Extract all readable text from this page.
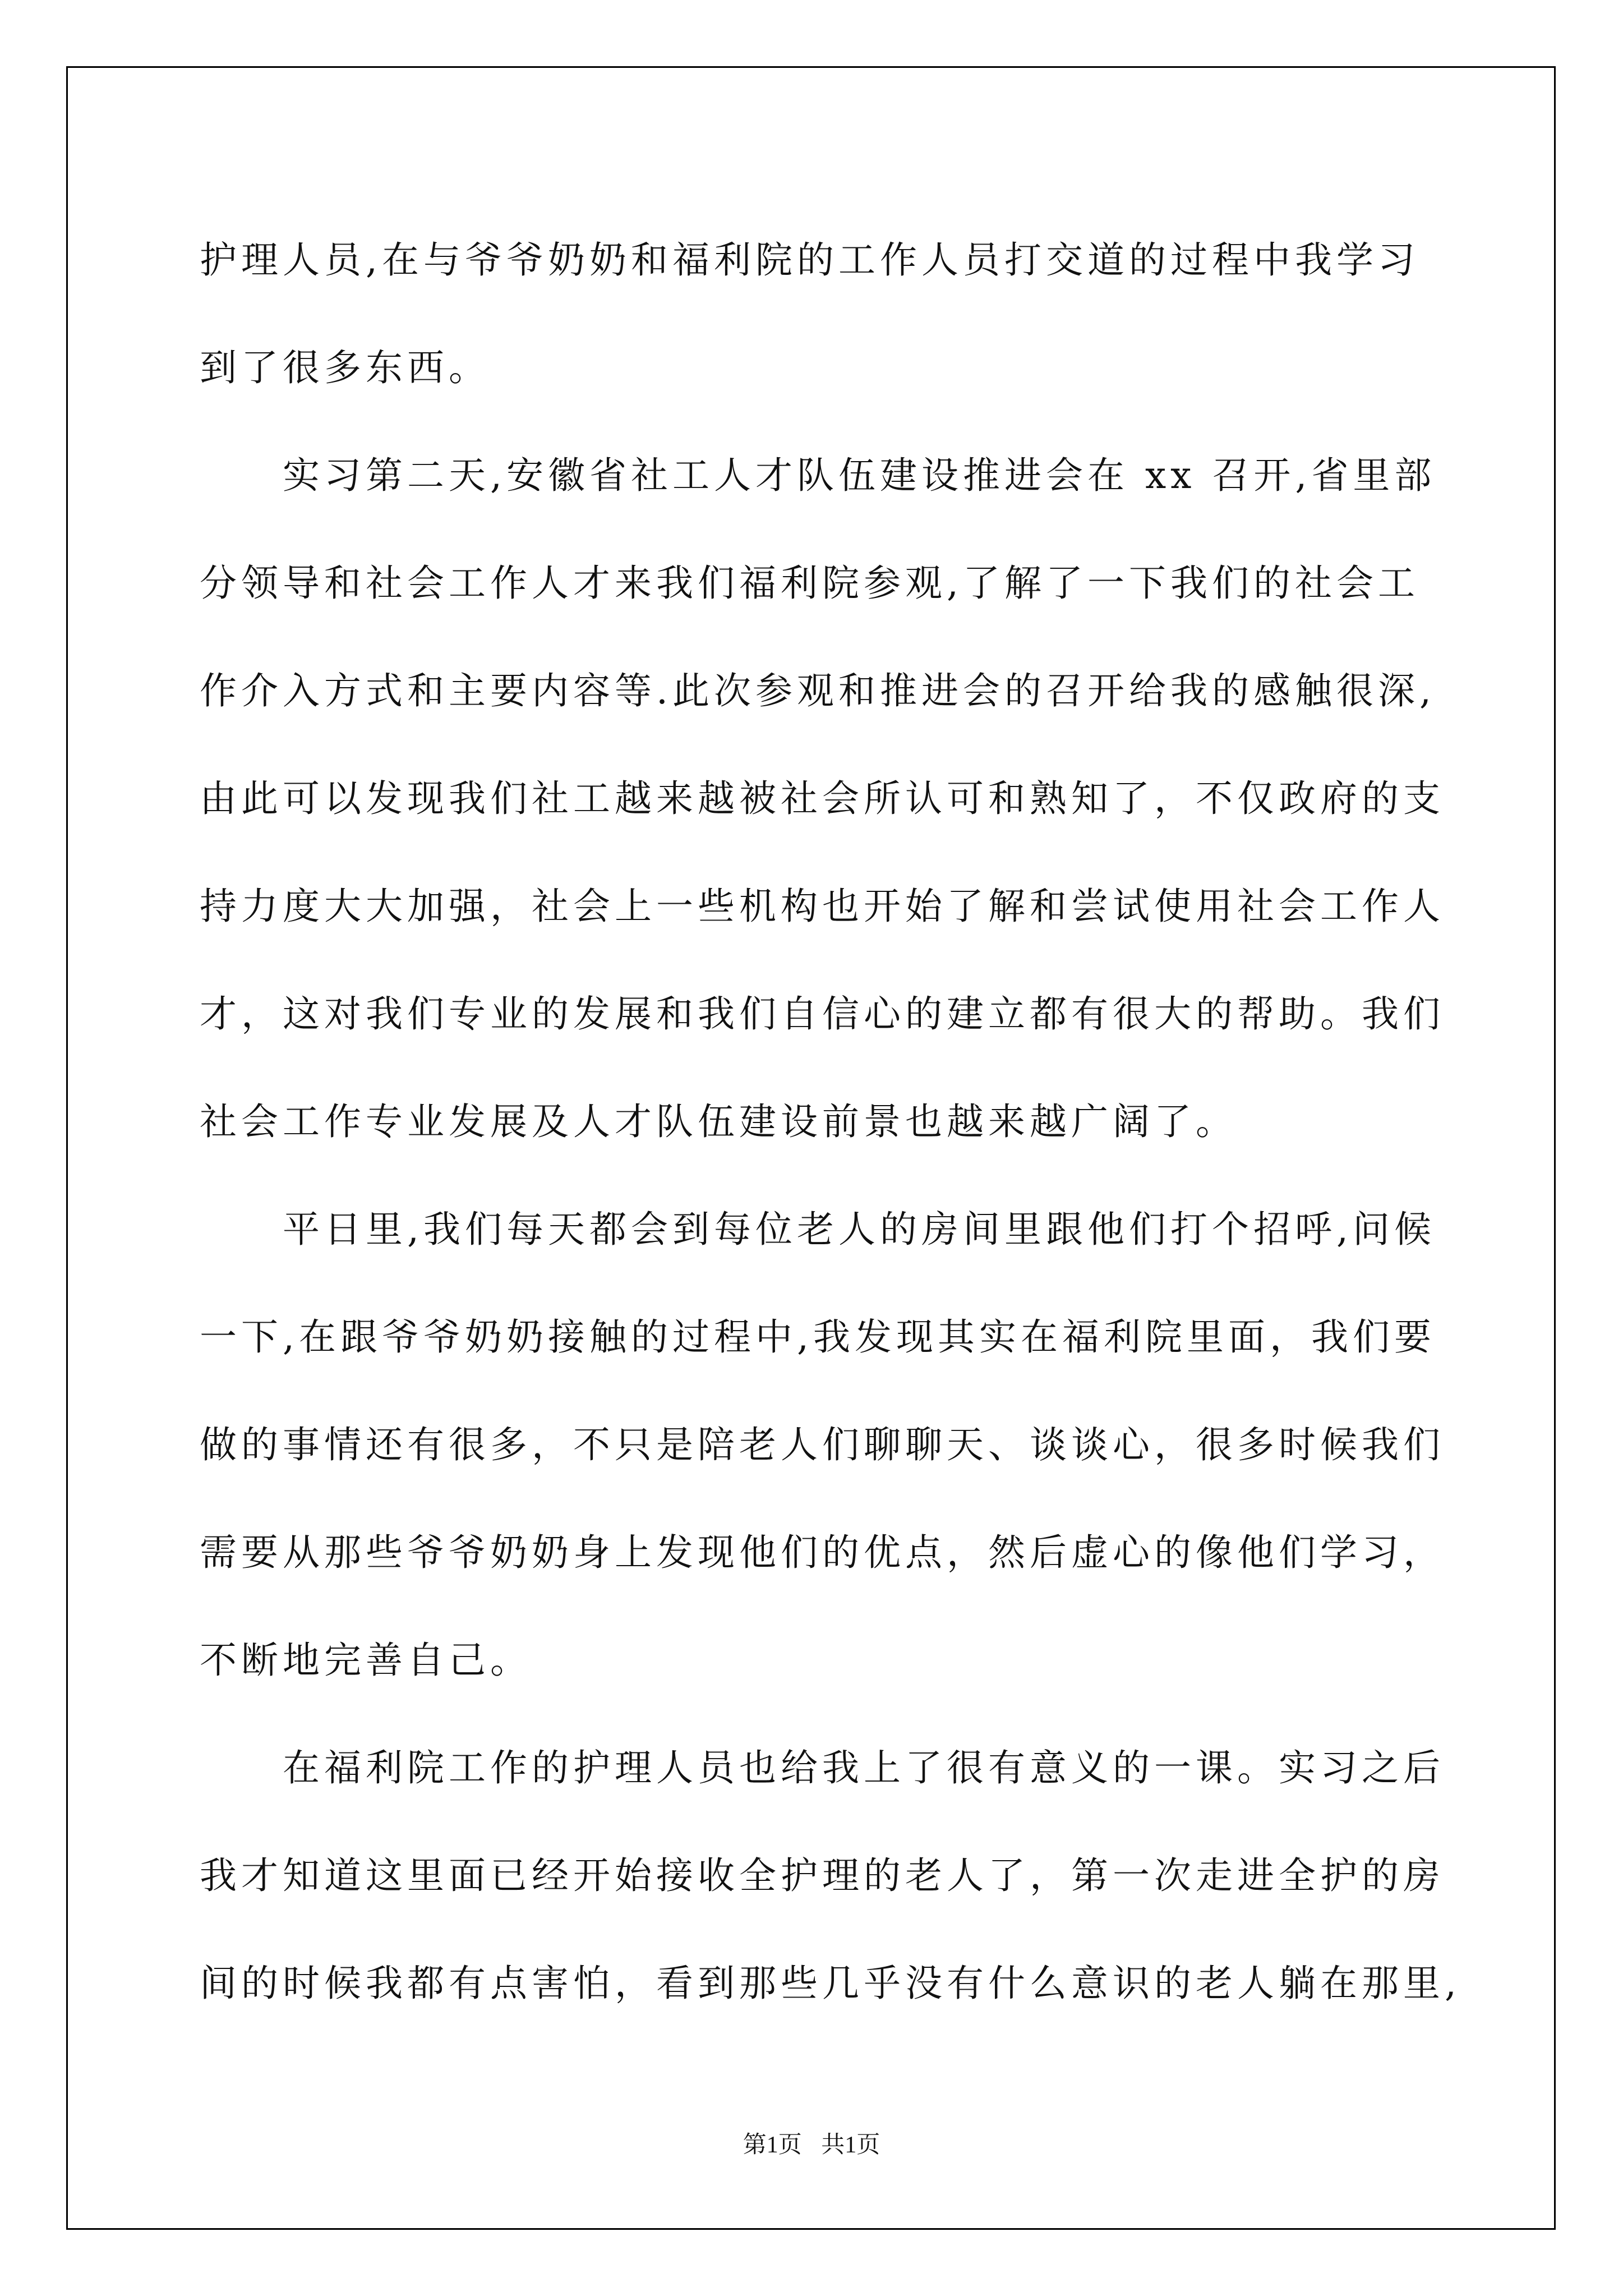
护理人员,在与爷爷奶奶和福利院的工作人员打交道的过程中我学习
到了很多东西。
实习第二天,安徽省社工人才队伍建设推进会在 xx 召开,省里部
分领导和社会工作人才来我们福利院参观,了解了一下我们的社会工
作介入方式和主要内容等.此次参观和推进会的召开给我的感触很深,
由此可以发现我们社工越来越被社会所认可和熟知了，不仅政府的支
持力度大大加强，社会上一些机构也开始了解和尝试使用社会工作人
才，这对我们专业的发展和我们自信心的建立都有很大的帮助。我们
社会工作专业发展及人才队伍建设前景也越来越广阔了。
平日里,我们每天都会到每位老人的房间里跟他们打个招呼,问候
一下,在跟爷爷奶奶接触的过程中,我发现其实在福利院里面，我们要
做的事情还有很多，不只是陪老人们聊聊天、谈谈心，很多时候我们
需要从那些爷爷奶奶身上发现他们的优点，然后虚心的像他们学习，
不断地完善自己。
在福利院工作的护理人员也给我上了很有意义的一课。实习之后
我才知道这里面已经开始接收全护理的老人了，第一次走进全护的房
间的时候我都有点害怕，看到那些几乎没有什么意识的老人躺在那里,
第1页 共1页
